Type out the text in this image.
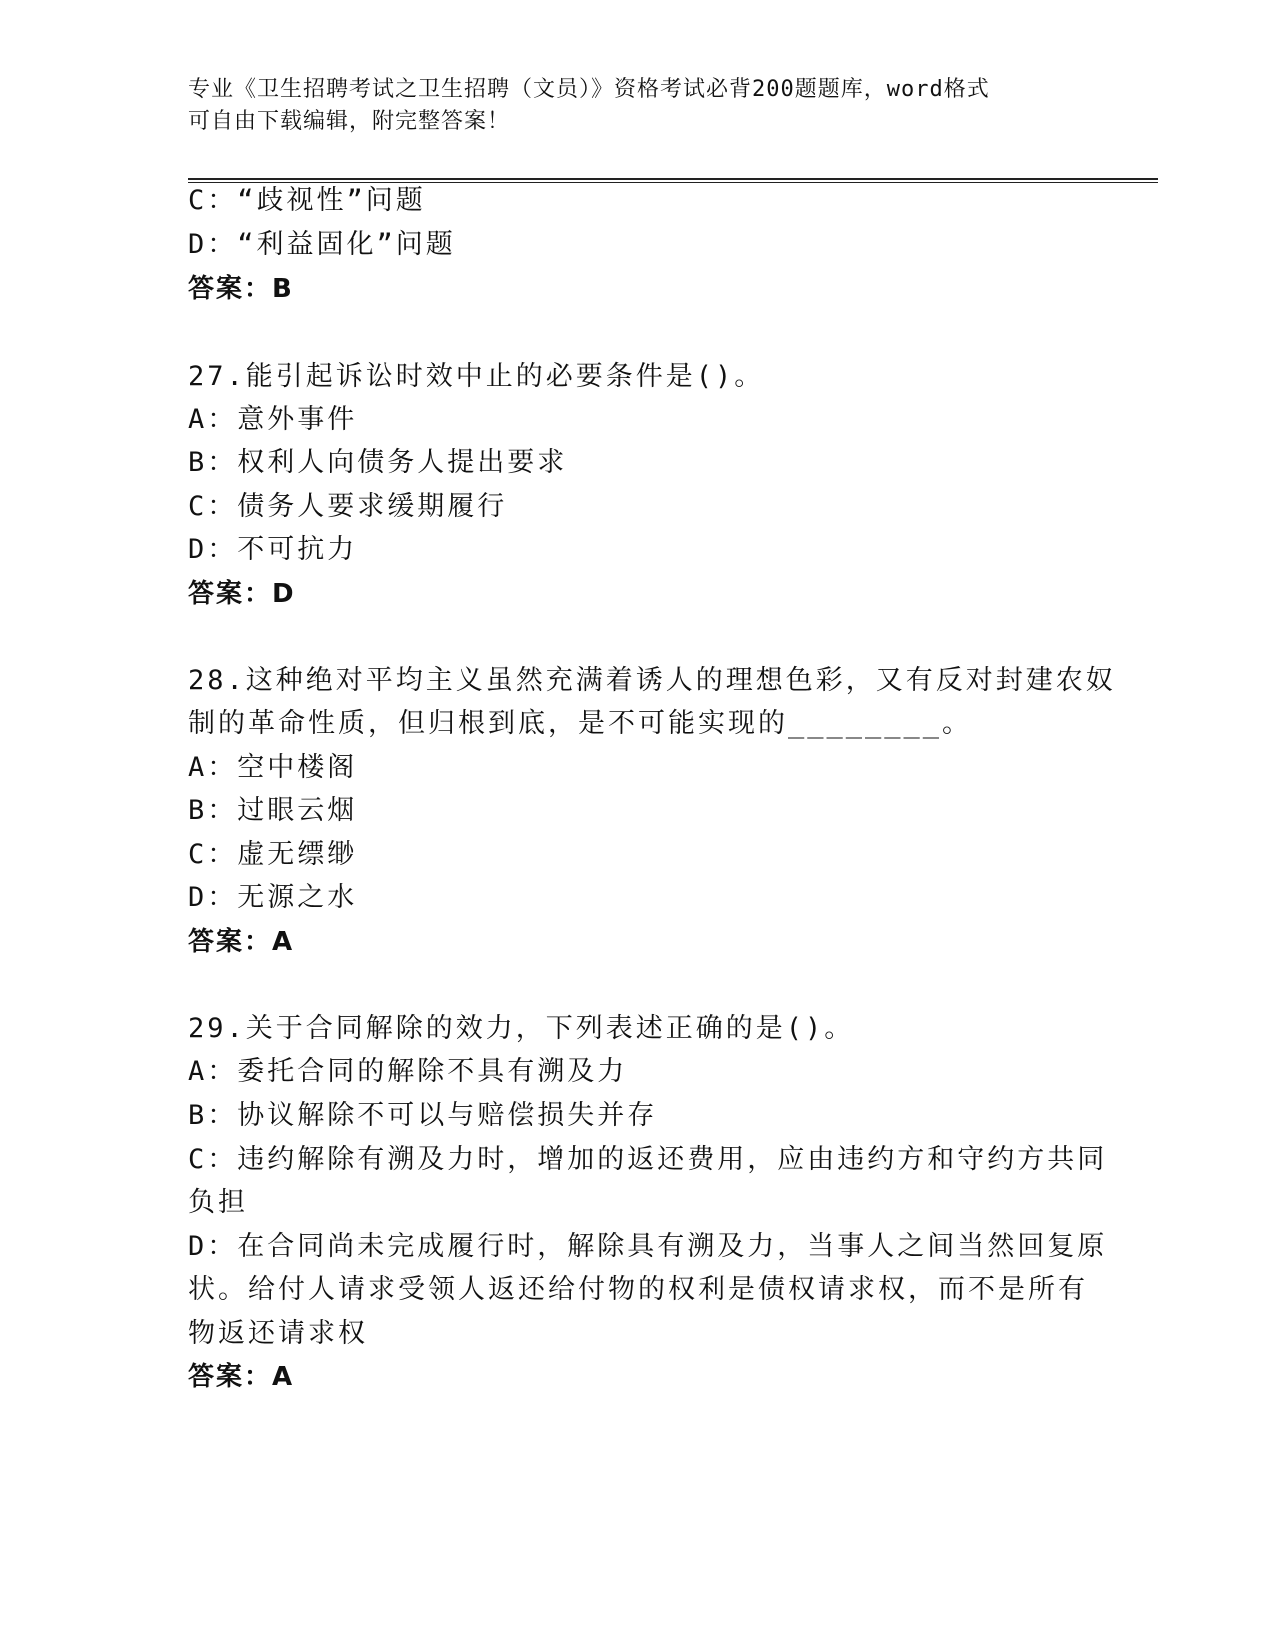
专业《卫生招聘考试之卫生招聘（文员）》资格考试必背200题题库，word格式
可自由下载编辑，附完整答案！
C：“歧视性”问题
D：“利益固化”问题
答案：B
27.能引起诉讼时效中止的必要条件是()。
A：意外事件
B：权利人向债务人提出要求
C：债务人要求缓期履行
D：不可抗力
答案：D
28.这种绝对平均主义虽然充满着诱人的理想色彩，又有反对封建农奴
制的革命性质，但归根到底，是不可能实现的________。
A：空中楼阁
B：过眼云烟
C：虚无缥缈
D：无源之水
答案：A
29.关于合同解除的效力，下列表述正确的是()。
A：委托合同的解除不具有溯及力
B：协议解除不可以与赔偿损失并存
C：违约解除有溯及力时，增加的返还费用，应由违约方和守约方共同
负担
D：在合同尚未完成履行时，解除具有溯及力，当事人之间当然回复原
状。给付人请求受领人返还给付物的权利是债权请求权，而不是所有
物返还请求权
答案：A
